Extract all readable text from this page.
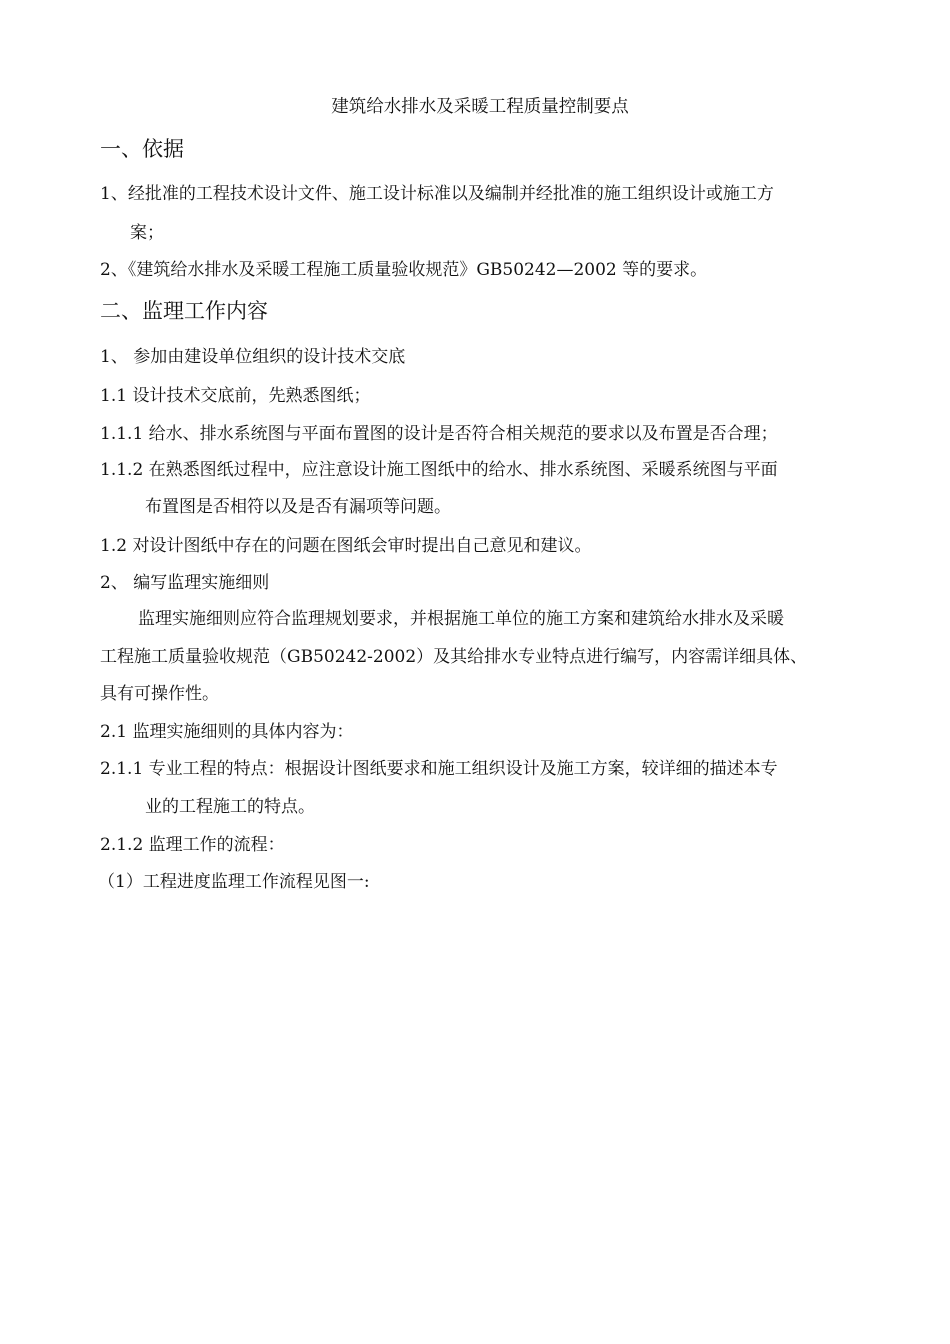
建筑给水排水及采暖工程质量控制要点
一、依据
1、经批准的工程技术设计文件、施工设计标准以及编制并经批准的施工组织设计或施工方
案；
2、《建筑给水排水及采暖工程施工质量验收规范》GB50242—2002 等的要求。
二、监理工作内容
1、 参加由建设单位组织的设计技术交底
1.1 设计技术交底前，先熟悉图纸；
1.1.1 给水、排水系统图与平面布置图的设计是否符合相关规范的要求以及布置是否合理；
1.1.2 在熟悉图纸过程中，应注意设计施工图纸中的给水、排水系统图、采暖系统图与平面
布置图是否相符以及是否有漏项等问题。
1.2 对设计图纸中存在的问题在图纸会审时提出自己意见和建议。
2、 编写监理实施细则
监理实施细则应符合监理规划要求，并根据施工单位的施工方案和建筑给水排水及采暖
工程施工质量验收规范（GB50242-2002）及其给排水专业特点进行编写，内容需详细具体、
具有可操作性。
2.1 监理实施细则的具体内容为：
2.1.1 专业工程的特点：根据设计图纸要求和施工组织设计及施工方案，较详细的描述本专
业的工程施工的特点。
2.1.2 监理工作的流程：
（1）工程进度监理工作流程见图一:
